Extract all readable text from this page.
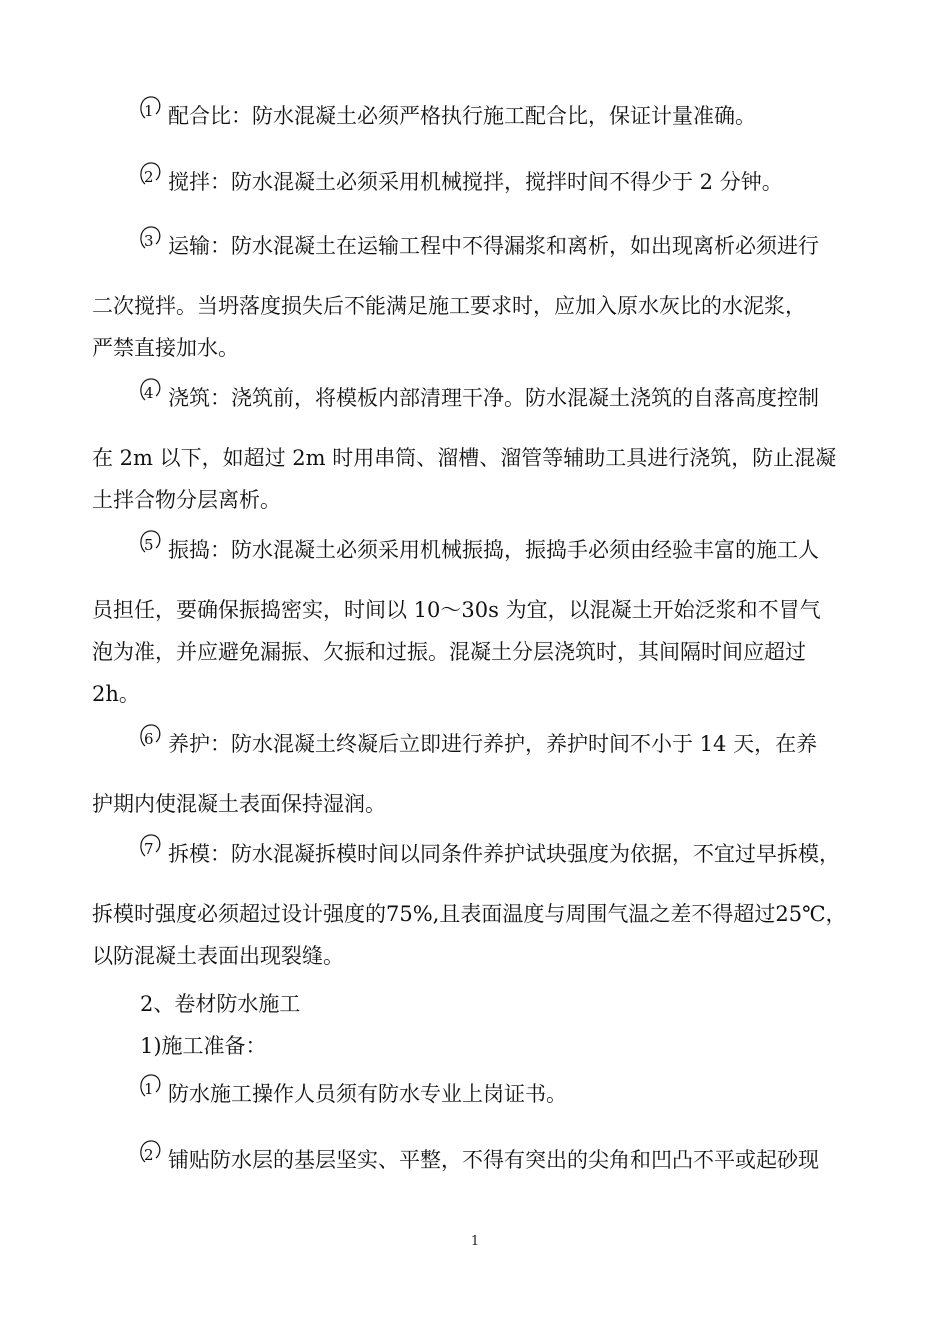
1 配合比：防水混凝土必须严格执行施工配合比，保证计量准确。

2 搅拌：防水混凝土必须采用机械搅拌，搅拌时间不得少于 2 分钟。

3 运输：防水混凝土在运输工程中不得漏浆和离析，如出现离析必须进行

二次搅拌。当坍落度损失后不能满足施工要求时，应加入原水灰比的水泥浆，

严禁直接加水。

4 浇筑：浇筑前，将模板内部清理干净。防水混凝土浇筑的自落高度控制

在 2m 以下，如超过 2m 时用串筒、溜槽、溜管等辅助工具进行浇筑，防止混凝

土拌合物分层离析。

5 振捣：防水混凝土必须采用机械振捣，振捣手必须由经验丰富的施工人

员担任，要确保振捣密实，时间以 10～30s 为宜，以混凝土开始泛浆和不冒气

泡为准，并应避免漏振、欠振和过振。混凝土分层浇筑时，其间隔时间应超过

2h。

6 养护：防水混凝土终凝后立即进行养护，养护时间不小于 14 天，在养

护期内使混凝土表面保持湿润。

7 拆模：防水混凝拆模时间以同条件养护试块强度为依据，不宜过早拆模，

拆模时强度必须超过设计强度的75%,且表面温度与周围气温之差不得超过25℃，

以防混凝土表面出现裂缝。

2、卷材防水施工

1)施工准备：

1 防水施工操作人员须有防水专业上岗证书。

2 铺贴防水层的基层坚实、平整，不得有突出的尖角和凹凸不平或起砂现

1
